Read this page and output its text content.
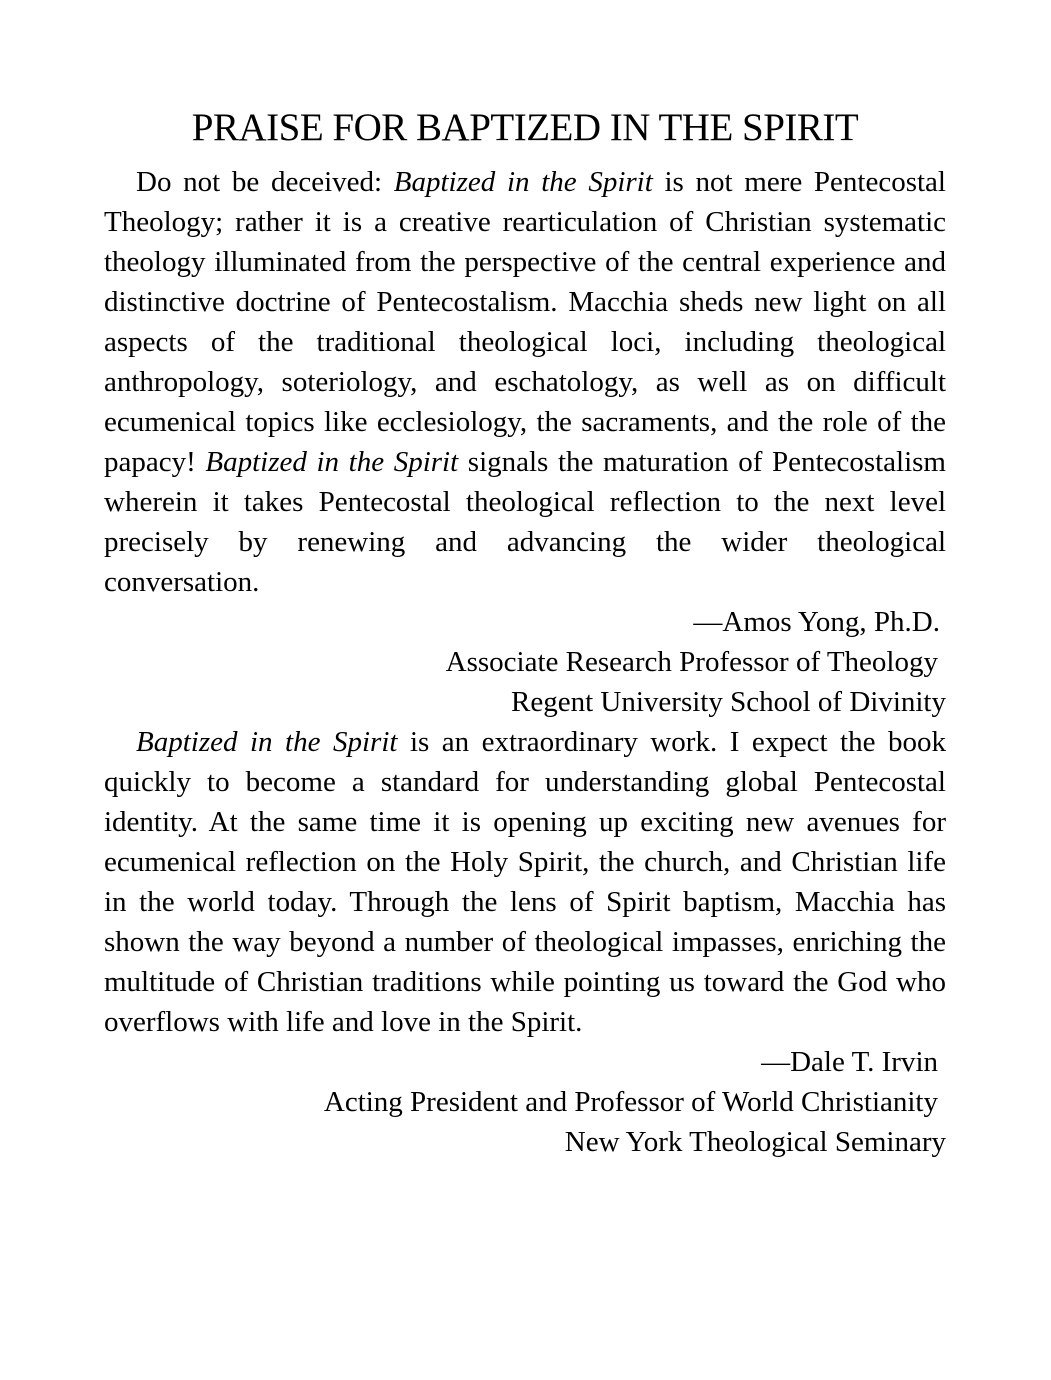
PRAISE FOR BAPTIZED IN THE SPIRIT

Do not be deceived: Baptized in the Spirit is not mere Pentecostal Theology; rather it is a creative rearticulation of Christian systematic theology illuminated from the perspective of the central experience and distinctive doctrine of Pentecostalism. Macchia sheds new light on all aspects of the traditional theological loci, including theological anthropology, soteriology, and eschatology, as well as on difficult ecumenical topics like ecclesiology, the sacraments, and the role of the papacy! Baptized in the Spirit signals the maturation of Pentecostalism wherein it takes Pentecostal theological reflection to the next level precisely by renewing and advancing the wider theological conversation.

—Amos Yong, Ph.D.

Associate Research Professor of Theology

Regent University School of Divinity

Baptized in the Spirit is an extraordinary work. I expect the book quickly to become a standard for understanding global Pentecostal identity. At the same time it is opening up exciting new avenues for ecumenical reflection on the Holy Spirit, the church, and Christian life in the world today. Through the lens of Spirit baptism, Macchia has shown the way beyond a number of theological impasses, enriching the multitude of Christian traditions while pointing us toward the God who overflows with life and love in the Spirit.

—Dale T. Irvin

Acting President and Professor of World Christianity

New York Theological Seminary
